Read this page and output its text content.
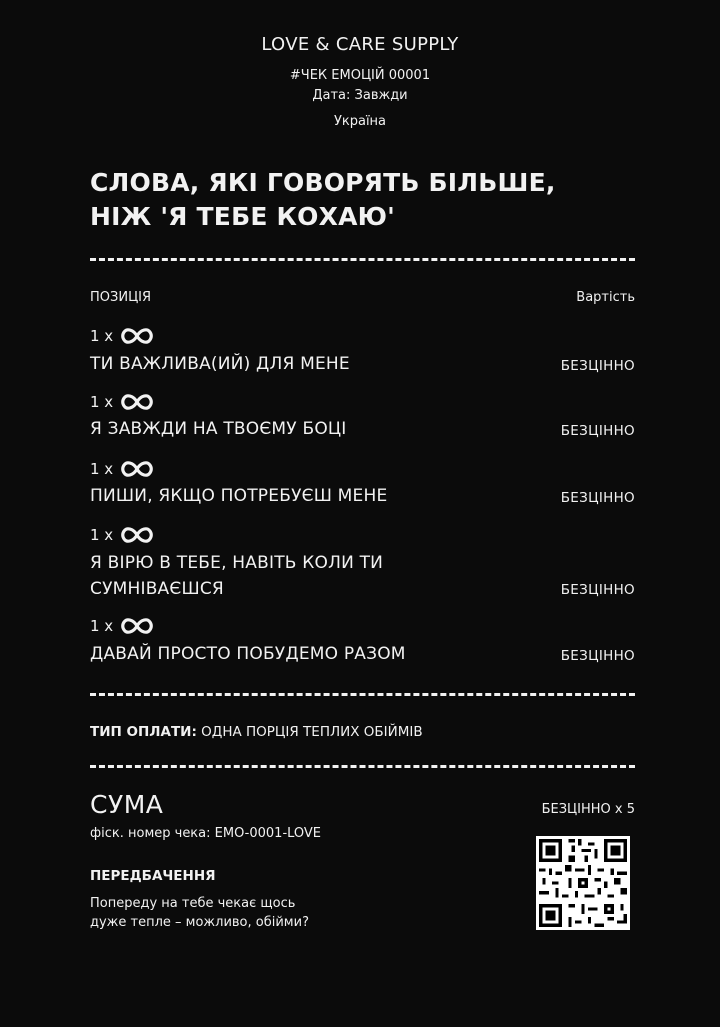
LOVE & CARE SUPPLY
#ЧЕК ЕМОЦІЙ 00001
Дата: Завжди
Україна
СЛОВА, ЯКІ ГОВОРЯТЬ БІЛЬШЕ,
НІЖ 'Я ТЕБЕ КОХАЮ'
ПОЗИЦІЯ	Вартість
1 x
ТИ ВАЖЛИВА(ИЙ) ДЛЯ МЕНЕ	БЕЗЦІННО
1 x
Я ЗАВЖДИ НА ТВОЄМУ БОЦІ	БЕЗЦІННО
1 x
ПИШИ, ЯКЩО ПОТРЕБУЄШ МЕНЕ	БЕЗЦІННО
1 x
Я ВІРЮ В ТЕБЕ, НАВІТЬ КОЛИ ТИ
СУМНІВАЄШСЯ	БЕЗЦІННО
1 x
ДАВАЙ ПРОСТО ПОБУДЕМО РАЗОМ	БЕЗЦІННО
ТИП ОПЛАТИ: ОДНА ПОРЦІЯ ТЕПЛИХ ОБІЙМІВ
СУМА	БЕЗЦІННО x 5
фіск. номер чека: EMO-0001-LOVE
ПЕРЕДБАЧЕННЯ
Попереду на тебе чекає щось
дуже тепле – можливо, обійми?
